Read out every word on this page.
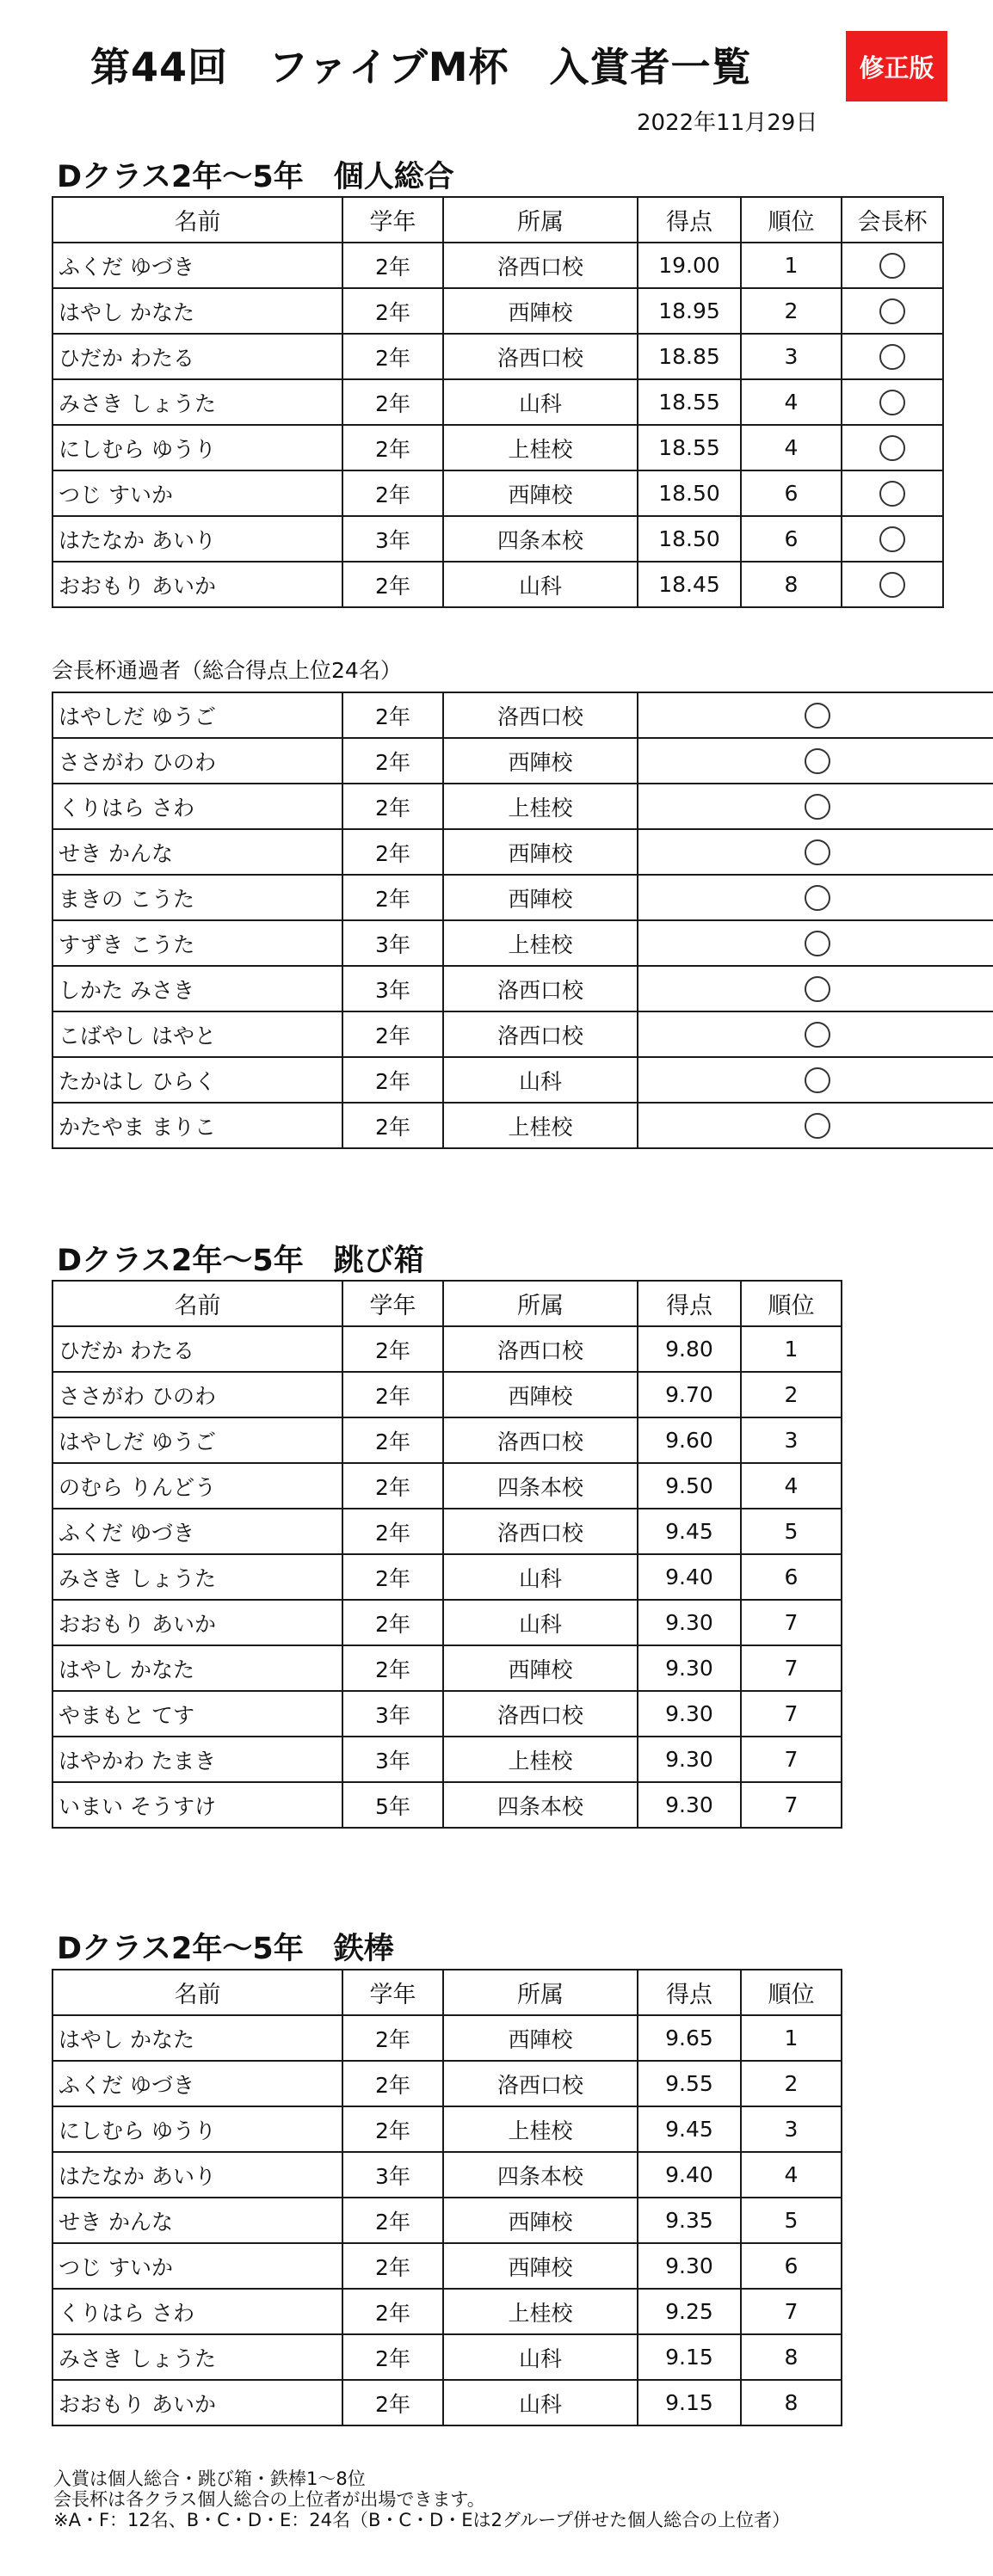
第44回　ファイブM杯　入賞者一覧	修正版
2022年11月29日
Dクラス2年～5年　個人総合
名前	学年	所属	得点	順位	会長杯
ふくだ ゆづき	2年	洛西口校	19.00	1	
はやし かなた	2年	西陣校	18.95	2	
ひだか わたる	2年	洛西口校	18.85	3	
みさき しょうた	2年	山科	18.55	4	
にしむら ゆうり	2年	上桂校	18.55	4	
つじ すいか	2年	西陣校	18.50	6	
はたなか あいり	3年	四条本校	18.50	6	
おおもり あいか	2年	山科	18.45	8	
会長杯通過者（総合得点上位24名）
はやしだ ゆうご	2年	洛西口校	
ささがわ ひのわ	2年	西陣校	
くりはら さわ	2年	上桂校	
せき かんな	2年	西陣校	
まきの こうた	2年	西陣校	
すずき こうた	3年	上桂校	
しかた みさき	3年	洛西口校	
こばやし はやと	2年	洛西口校	
たかはし ひらく	2年	山科	
かたやま まりこ	2年	上桂校	
Dクラス2年～5年　跳び箱
名前	学年	所属	得点	順位
ひだか わたる	2年	洛西口校	9.80	1
ささがわ ひのわ	2年	西陣校	9.70	2
はやしだ ゆうご	2年	洛西口校	9.60	3
のむら りんどう	2年	四条本校	9.50	4
ふくだ ゆづき	2年	洛西口校	9.45	5
みさき しょうた	2年	山科	9.40	6
おおもり あいか	2年	山科	9.30	7
はやし かなた	2年	西陣校	9.30	7
やまもと てす	3年	洛西口校	9.30	7
はやかわ たまき	3年	上桂校	9.30	7
いまい そうすけ	5年	四条本校	9.30	7
Dクラス2年～5年　鉄棒
名前	学年	所属	得点	順位
はやし かなた	2年	西陣校	9.65	1
ふくだ ゆづき	2年	洛西口校	9.55	2
にしむら ゆうり	2年	上桂校	9.45	3
はたなか あいり	3年	四条本校	9.40	4
せき かんな	2年	西陣校	9.35	5
つじ すいか	2年	西陣校	9.30	6
くりはら さわ	2年	上桂校	9.25	7
みさき しょうた	2年	山科	9.15	8
おおもり あいか	2年	山科	9.15	8
入賞は個人総合・跳び箱・鉄棒1～8位
会長杯は各クラス個人総合の上位者が出場できます。
※A・F：12名、B・C・D・E：24名（B・C・D・Eは2グループ併せた個人総合の上位者）
